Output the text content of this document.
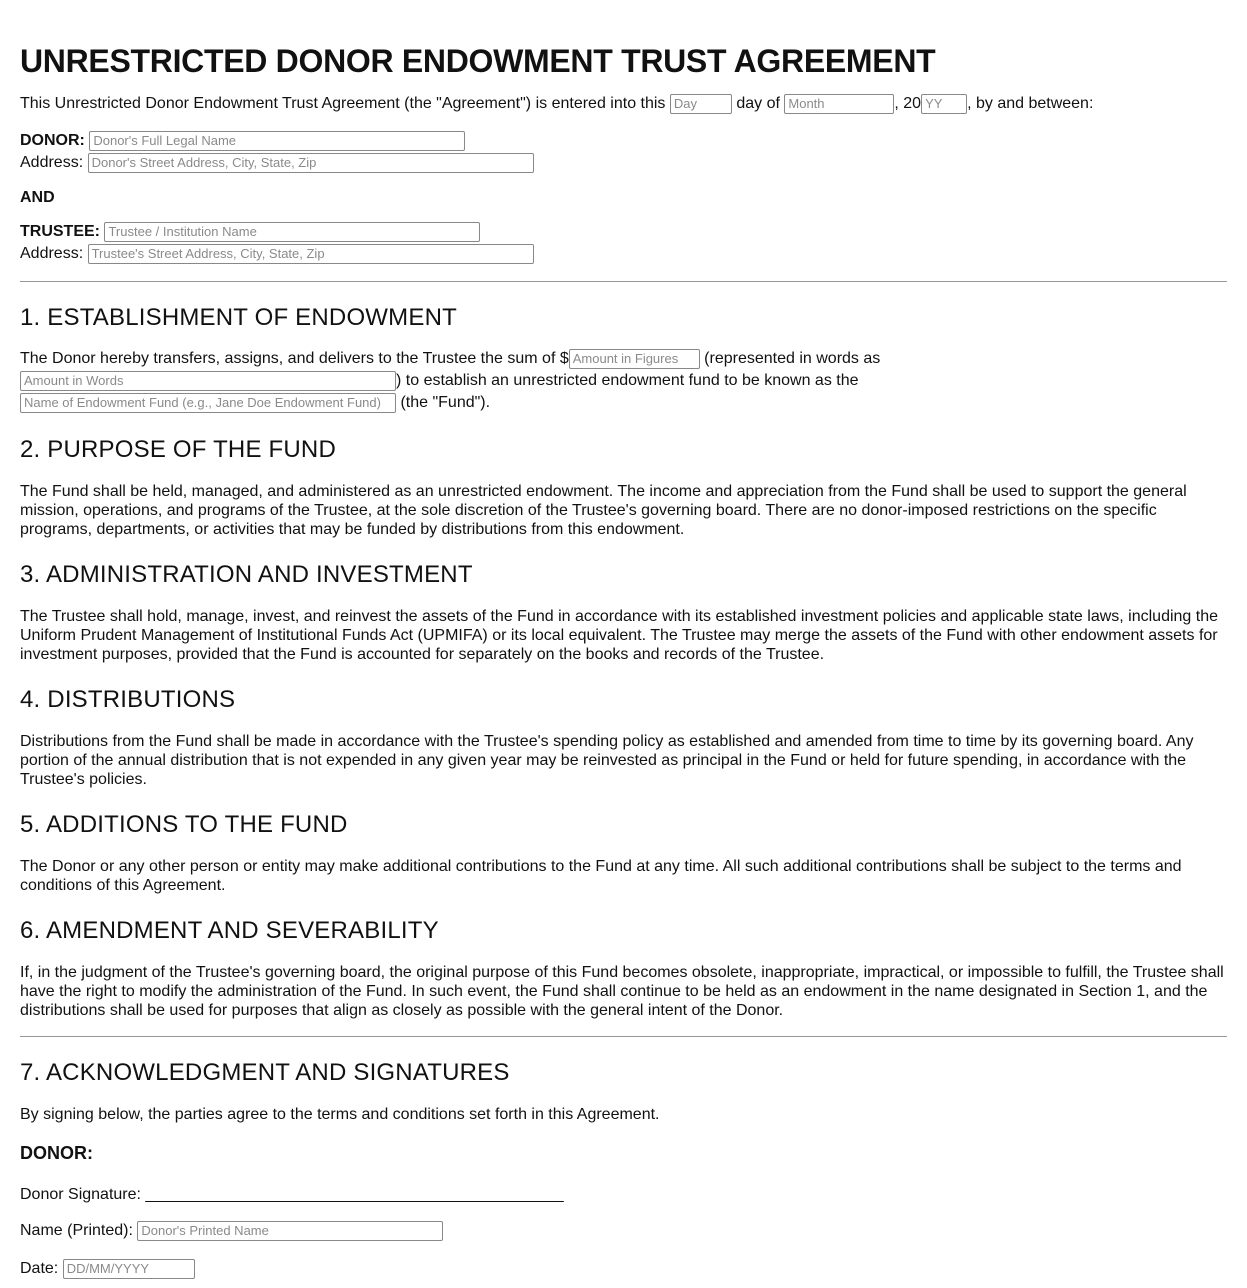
UNRESTRICTED DONOR ENDOWMENT TRUST AGREEMENT
This Unrestricted Donor Endowment Trust Agreement (the "Agreement") is entered into this Day	day of Month	, 20YY	, by and between:
DONOR: Donor's Full Legal Name
Address: Donor's Street Address, City, State, Zip
AND
TRUSTEE: Trustee / Institution Name
Address: Trustee's Street Address, City, State, Zip
1. ESTABLISHMENT OF ENDOWMENT
The Donor hereby transfers, assigns, and delivers to the Trustee the sum of $Amount in Figures	(represented in words as
Amount in Words) to establish an unrestricted endowment fund to be known as the
Name of Endowment Fund (e.g., Jane Doe Endowment Fund) (the "Fund").
2. PURPOSE OF THE FUND

The Fund shall be held, managed, and administered as an unrestricted endowment. The income and appreciation from the Fund shall be used to support the general mission, operations, and programs of the Trustee, at the sole discretion of the Trustee's governing board. There are no donor-imposed restrictions on the specific programs, departments, or activities that may be funded by distributions from this endowment.

3. ADMINISTRATION AND INVESTMENT

The Trustee shall hold, manage, invest, and reinvest the assets of the Fund in accordance with its established investment policies and applicable state laws, including the Uniform Prudent Management of Institutional Funds Act (UPMIFA) or its local equivalent. The Trustee may merge the assets of the Fund with other endowment assets for investment purposes, provided that the Fund is accounted for separately on the books and records of the Trustee.

4. DISTRIBUTIONS

Distributions from the Fund shall be made in accordance with the Trustee's spending policy as established and amended from time to time by its governing board. Any portion of the annual distribution that is not expended in any given year may be reinvested as principal in the Fund or held for future spending, in accordance with the Trustee's policies.

5. ADDITIONS TO THE FUND

The Donor or any other person or entity may make additional contributions to the Fund at any time. All such additional contributions shall be subject to the terms and conditions of this Agreement.

6. AMENDMENT AND SEVERABILITY

If, in the judgment of the Trustee's governing board, the original purpose of this Fund becomes obsolete, inappropriate, impractical, or impossible to fulfill, the Trustee shall have the right to modify the administration of the Fund. In such event, the Fund shall continue to be held as an endowment in the name designated in Section 1, and the distributions shall be used for purposes that align as closely as possible with the general intent of the Donor.

7. ACKNOWLEDGMENT AND SIGNATURES

By signing below, the parties agree to the terms and conditions set forth in this Agreement.

DONOR:
Donor Signature: _______________________________________________
Name (Printed): Donor's Printed Name
Date: DD/MM/YYYY
